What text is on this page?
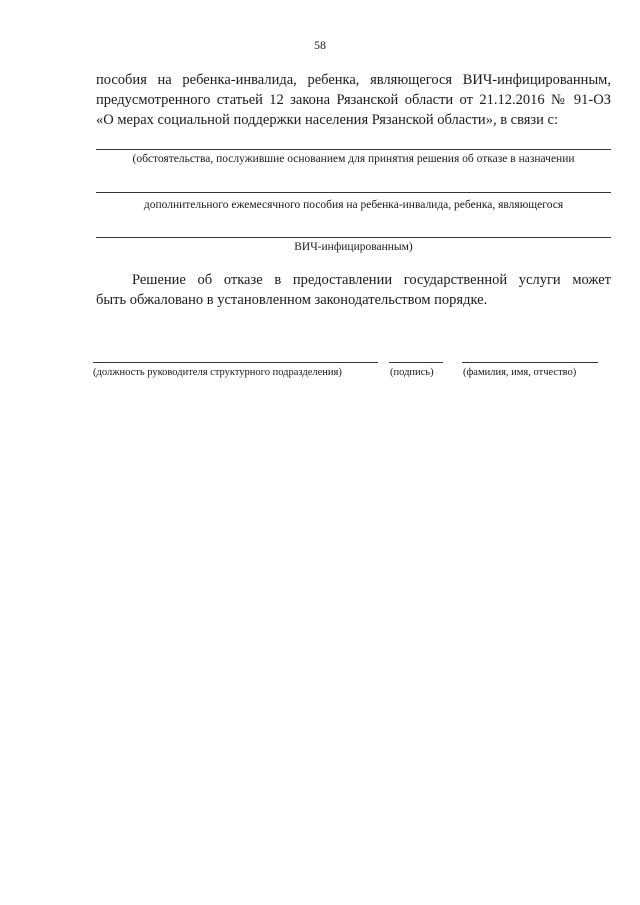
58
пособия на ребенка-инвалида, ребенка, являющегося ВИЧ-инфицированным,
предусмотренного статьей 12 закона Рязанской области от 21.12.2016 № 91-ОЗ
«О мерах социальной поддержки населения Рязанской области», в связи с:
(обстоятельства, послужившие основанием для принятия решения об отказе в назначении
дополнительного ежемесячного пособия на ребенка-инвалида, ребенка, являющегося
ВИЧ-инфицированным)
Решение об отказе в предоставлении государственной услуги может
быть обжаловано в установленном законодательством порядке.
(должность руководителя структурного подразделения)	(подпись)	(фамилия, имя, отчество)
